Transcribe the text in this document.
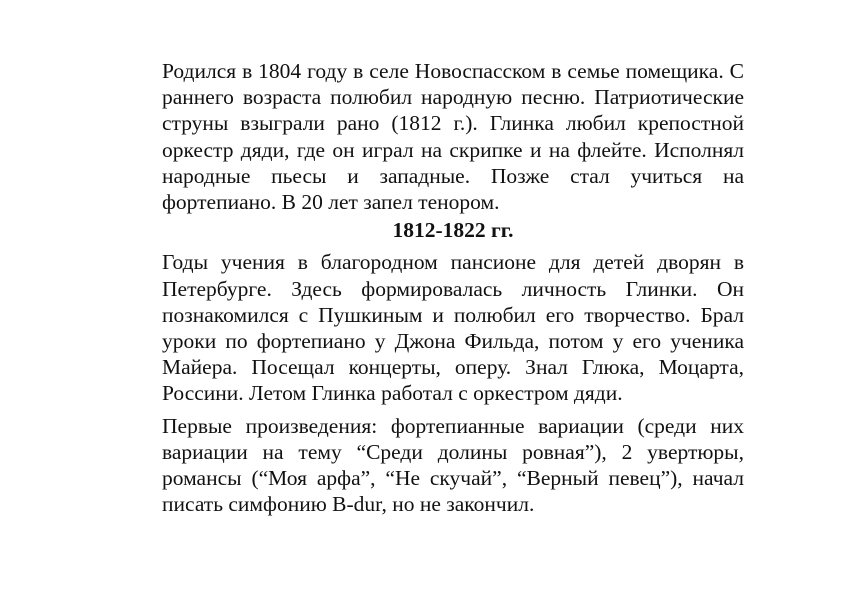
Родился в 1804 году в селе Новоспасском в семье помещика. С раннего возраста полюбил народную песню. Патриотические струны взыграли рано (1812 г.). Глинка любил крепостной оркестр дяди, где он играл на скрипке и на флейте. Исполнял народные пьесы и западные. Позже стал учиться на фортепиано. В 20 лет запел тенором.

1812-1822 гг.

Годы учения в благородном пансионе для детей дворян в Петербурге. Здесь формировалась личность Глинки. Он познакомился с Пушкиным и полюбил его творчество. Брал уроки по фортепиано у Джона Фильда, потом у его ученика Майера. Посещал концерты, оперу. Знал Глюка, Моцарта, Россини. Летом Глинка работал с оркестром дяди.

Первые произведения: фортепианные вариации (среди них вариации на тему “Среди долины ровная”), 2 увертюры, романсы (“Моя арфа”, “Не скучай”, “Верный певец”), начал писать симфонию B-dur, но не закончил.
